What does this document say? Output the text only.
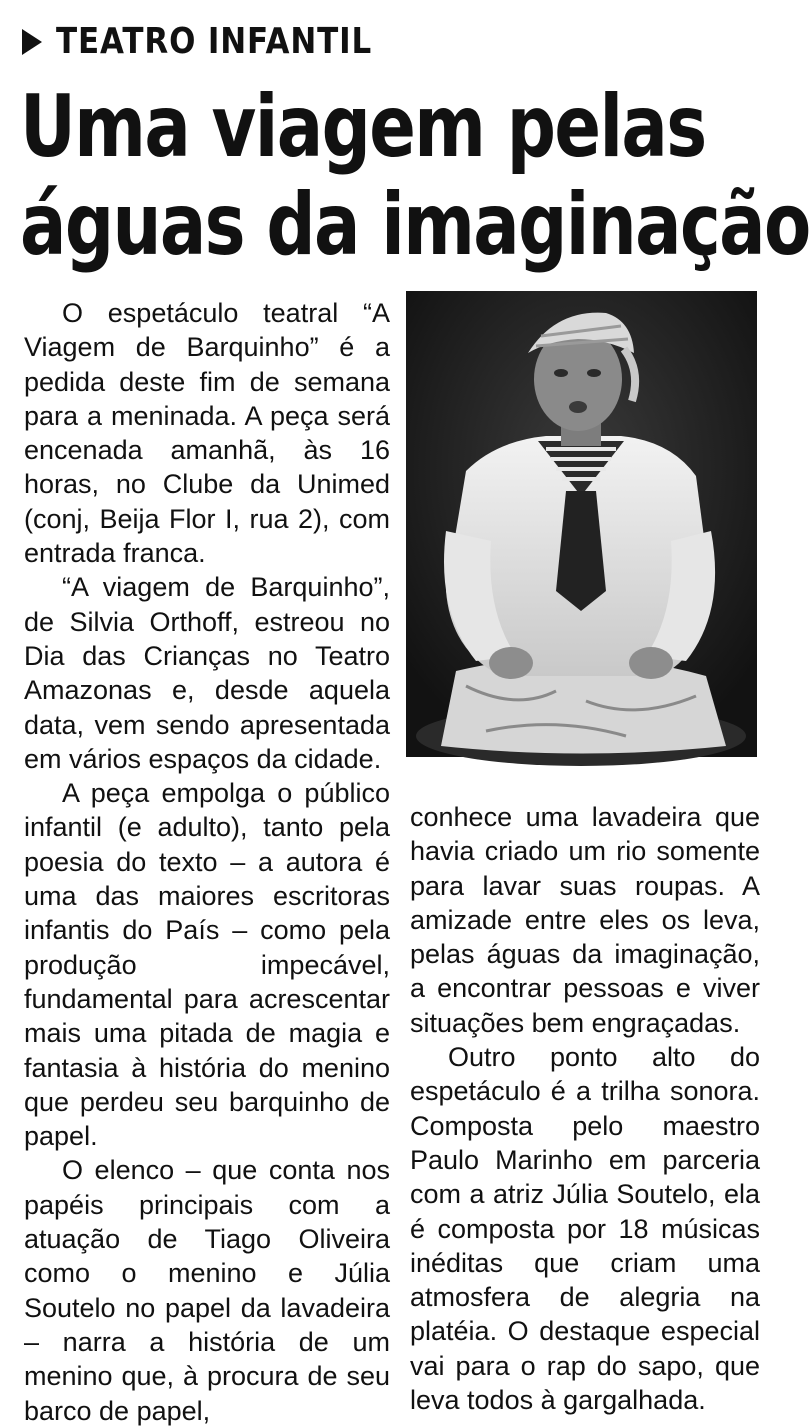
TEATRO INFANTIL
Uma viagem pelas
águas da imaginação

O espetáculo teatral “A Viagem de Barquinho” é a pedida deste fim de semana para a meninada. A peça será encenada amanhã, às 16 horas, no Clube da Unimed (conj, Beija Flor I, rua 2), com entrada franca.

“A viagem de Barquinho”, de Silvia Orthoff, estreou no Dia das Crianças no Teatro Amazonas e, desde aquela data, vem sendo apresentada em vários espaços da cidade.

A peça empolga o público infantil (e adulto), tanto pela poesia do texto – a autora é uma das maiores escritoras infantis do País – como pela produção impecável, fundamental para acrescentar mais uma pitada de magia e fantasia à história do menino que perdeu seu barquinho de papel.

O elenco – que conta nos papéis principais com a atuação de Tiago Oliveira como o menino e Júlia Soutelo no papel da lavadeira – narra a história de um menino que, à procura de seu barco de papel,

conhece uma lavadeira que havia criado um rio somente para lavar suas roupas. A amizade entre eles os leva, pelas águas da imaginação, a encontrar pessoas e viver situações bem engraçadas.

Outro ponto alto do espetáculo é a trilha sonora. Composta pelo maestro Paulo Marinho em parceria com a atriz Júlia Soutelo, ela é composta por 18 músicas inéditas que criam uma atmosfera de alegria na platéia. O destaque especial vai para o rap do sapo, que leva todos à gargalhada.
